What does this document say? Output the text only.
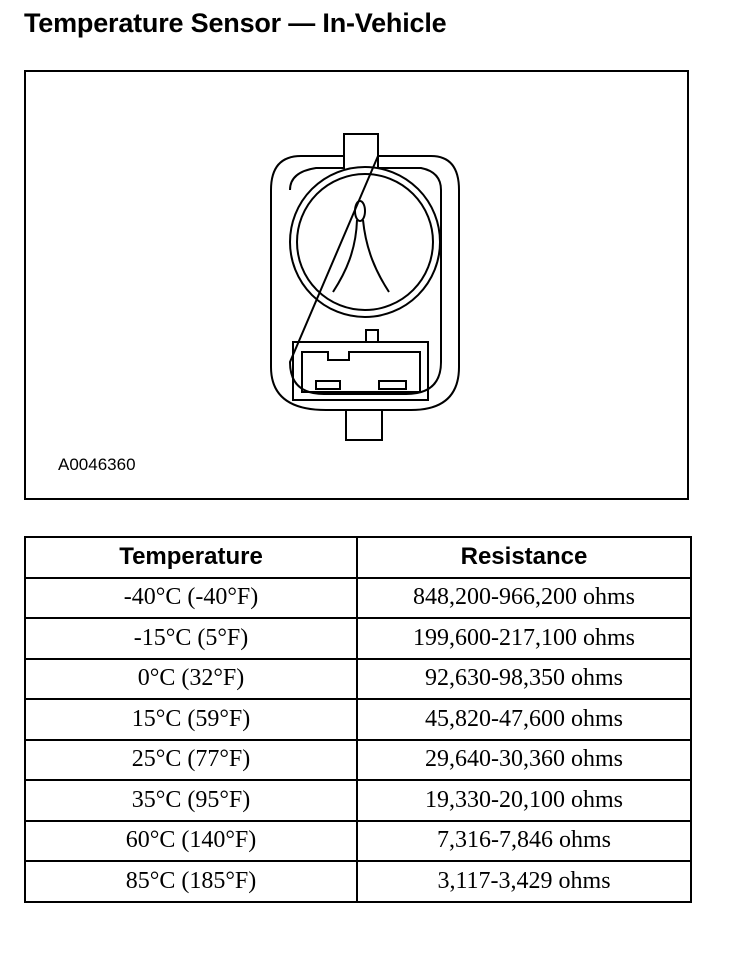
Temperature Sensor — In-Vehicle
A0046360
Temperature	Resistance
-40°C (-40°F)	848,200-966,200 ohms
-15°C (5°F)	199,600-217,100 ohms
0°C (32°F)	92,630-98,350 ohms
15°C (59°F)	45,820-47,600 ohms
25°C (77°F)	29,640-30,360 ohms
35°C (95°F)	19,330-20,100 ohms
60°C (140°F)	7,316-7,846 ohms
85°C (185°F)	3,117-3,429 ohms
